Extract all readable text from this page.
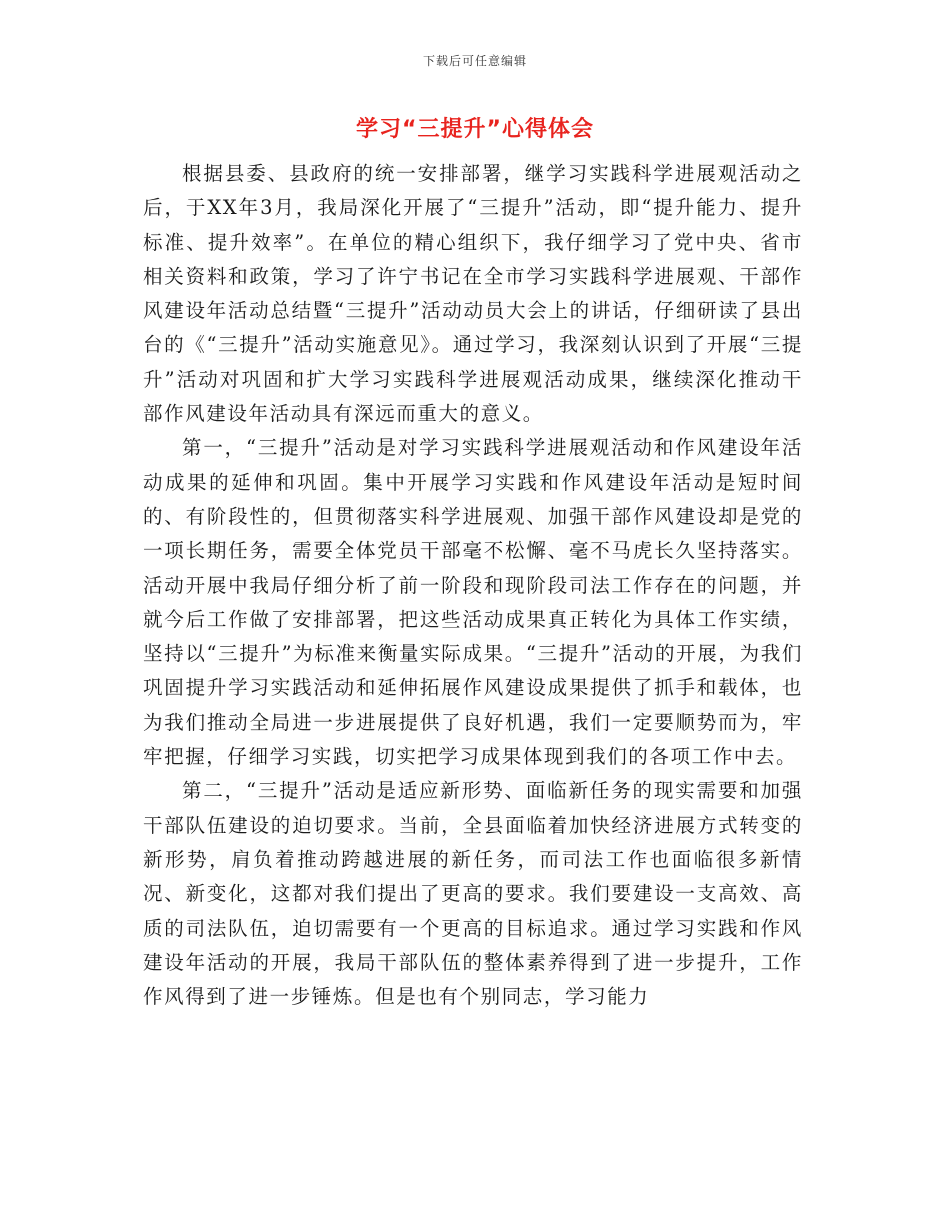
下载后可任意编辑
学习“三提升”心得体会

根据县委、县政府的统一安排部署，继学习实践科学进展观活动之后，于XX年3月，我局深化开展了“三提升”活动，即“提升能力、提升标准、提升效率”。在单位的精心组织下，我仔细学习了党中央、省市相关资料和政策，学习了许宁书记在全市学习实践科学进展观、干部作风建设年活动总结暨“三提升”活动动员大会上的讲话，仔细研读了县出台的《“三提升”活动实施意见》。通过学习，我深刻认识到了开展“三提升”活动对巩固和扩大学习实践科学进展观活动成果，继续深化推动干部作风建设年活动具有深远而重大的意义。

第一，“三提升”活动是对学习实践科学进展观活动和作风建设年活动成果的延伸和巩固。集中开展学习实践和作风建设年活动是短时间的、有阶段性的，但贯彻落实科学进展观、加强干部作风建设却是党的一项长期任务，需要全体党员干部毫不松懈、毫不马虎长久坚持落实。活动开展中我局仔细分析了前一阶段和现阶段司法工作存在的问题，并就今后工作做了安排部署，把这些活动成果真正转化为具体工作实绩，坚持以“三提升”为标准来衡量实际成果。“三提升”活动的开展，为我们巩固提升学习实践活动和延伸拓展作风建设成果提供了抓手和载体，也为我们推动全局进一步进展提供了良好机遇，我们一定要顺势而为，牢牢把握，仔细学习实践，切实把学习成果体现到我们的各项工作中去。

第二，“三提升”活动是适应新形势、面临新任务的现实需要和加强干部队伍建设的迫切要求。当前，全县面临着加快经济进展方式转变的新形势，肩负着推动跨越进展的新任务，而司法工作也面临很多新情况、新变化，这都对我们提出了更高的要求。我们要建设一支高效、高质的司法队伍，迫切需要有一个更高的目标追求。通过学习实践和作风建设年活动的开展，我局干部队伍的整体素养得到了进一步提升，工作作风得到了进一步锤炼。但是也有个别同志，学习能力
